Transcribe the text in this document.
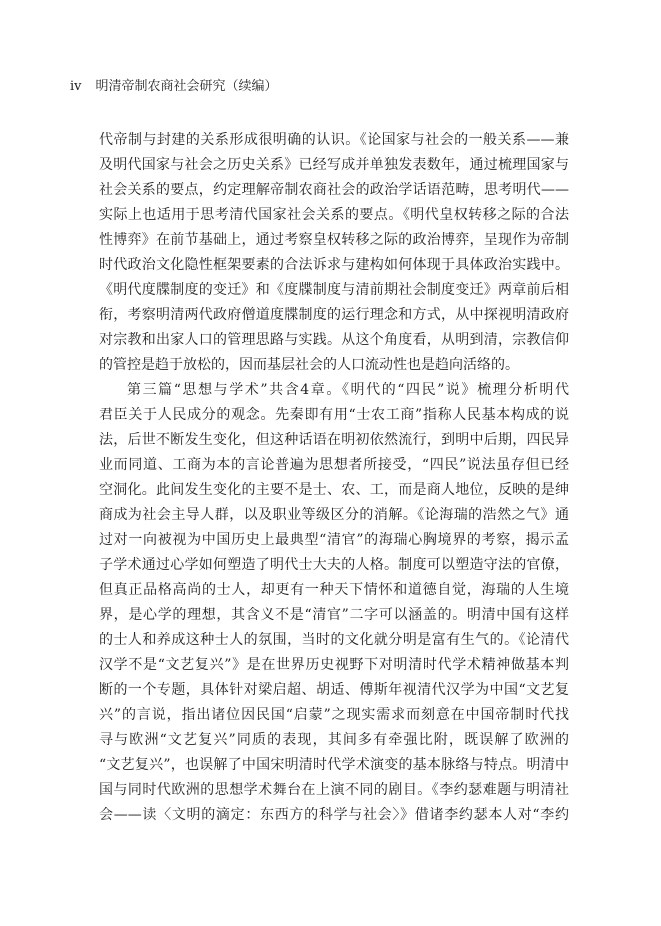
iv 明清帝制农商社会研究（续编）
代帝制与封建的关系形成很明确的认识。《论国家与社会的一般关系——兼
及明代国家与社会之历史关系》已经写成并单独发表数年，通过梳理国家与
社会关系的要点，约定理解帝制农商社会的政治学话语范畴，思考明代——
实际上也适用于思考清代国家社会关系的要点。《明代皇权转移之际的合法
性博弈》在前节基础上，通过考察皇权转移之际的政治博弈，呈现作为帝制
时代政治文化隐性框架要素的合法诉求与建构如何体现于具体政治实践中。
《明代度牒制度的变迁》和《度牒制度与清前期社会制度变迁》两章前后相
衔，考察明清两代政府僧道度牒制度的运行理念和方式，从中探视明清政府
对宗教和出家人口的管理思路与实践。从这个角度看，从明到清，宗教信仰
的管控是趋于放松的，因而基层社会的人口流动性也是趋向活络的。
第三篇“思想与学术”共含4章。《明代的“四民”说》梳理分析明代
君臣关于人民成分的观念。先秦即有用“士农工商”指称人民基本构成的说
法，后世不断发生变化，但这种话语在明初依然流行，到明中后期，四民异
业而同道、工商为本的言论普遍为思想者所接受，“四民”说法虽存但已经
空洞化。此间发生变化的主要不是士、农、工，而是商人地位，反映的是绅
商成为社会主导人群，以及职业等级区分的消解。《论海瑞的浩然之气》通
过对一向被视为中国历史上最典型“清官”的海瑞心胸境界的考察，揭示孟
子学术通过心学如何塑造了明代士大夫的人格。制度可以塑造守法的官僚，
但真正品格高尚的士人，却更有一种天下情怀和道德自觉，海瑞的人生境
界，是心学的理想，其含义不是“清官”二字可以涵盖的。明清中国有这样
的士人和养成这种士人的氛围，当时的文化就分明是富有生气的。《论清代
汉学不是“文艺复兴”》是在世界历史视野下对明清时代学术精神做基本判
断的一个专题，具体针对梁启超、胡适、傅斯年视清代汉学为中国“文艺复
兴”的言说，指出诸位因民国“启蒙”之现实需求而刻意在中国帝制时代找
寻与欧洲“文艺复兴”同质的表现，其间多有牵强比附，既误解了欧洲的
“文艺复兴”，也误解了中国宋明清时代学术演变的基本脉络与特点。明清中
国与同时代欧洲的思想学术舞台在上演不同的剧目。《李约瑟难题与明清社
会——读〈文明的滴定：东西方的科学与社会〉》借诸李约瑟本人对“李约
